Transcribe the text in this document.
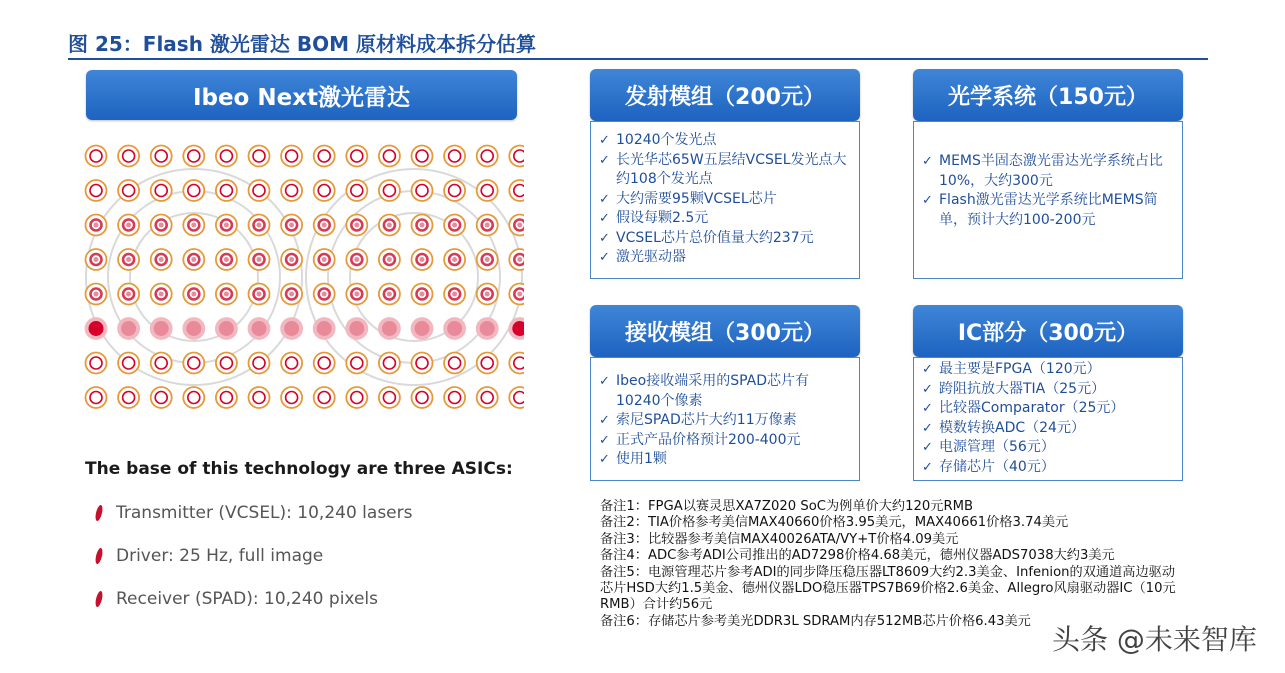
图 25：Flash 激光雷达 BOM 原材料成本拆分估算
Ibeo Next激光雷达
The base of this technology are three ASICs:
Transmitter (VCSEL): 10,240 lasers
Driver: 25 Hz, full image
Receiver (SPAD): 10,240 pixels
发射模组（200元）
✓ 10240个发光点
✓ 长光华芯65W五层结VCSEL发光点大约108个发光点
✓ 大约需要95颗VCSEL芯片
✓ 假设每颗2.5元
✓ VCSEL芯片总价值量大约237元
✓ 激光驱动器
光学系统（150元）
✓ MEMS半固态激光雷达光学系统占比10%，大约300元
✓ Flash激光雷达光学系统比MEMS简单，预计大约100-200元
接收模组（300元）
✓ Ibeo接收端采用的SPAD芯片有10240个像素
✓ 索尼SPAD芯片大约11万像素
✓ 正式产品价格预计200-400元
✓ 使用1颗
IC部分（300元）
✓ 最主要是FPGA（120元）
✓ 跨阻抗放大器TIA（25元）
✓ 比较器Comparator（25元）
✓ 模数转换ADC（24元）
✓ 电源管理（56元）
✓ 存储芯片（40元）
备注1：FPGA以赛灵思XA7Z020 SoC为例单价大约120元RMB
备注2：TIA价格参考美信MAX40660价格3.95美元，MAX40661价格3.74美元
备注3：比较器参考美信MAX40026ATA/VY+T价格4.09美元
备注4：ADC参考ADI公司推出的AD7298价格4.68美元，德州仪器ADS7038大约3美元
备注5：电源管理芯片参考ADI的同步降压稳压器LT8609大约2.3美金、Infenion的双通道高边驱动芯片HSD大约1.5美金、德州仪器LDO稳压器TPS7B69价格2.6美金、Allegro风扇驱动器IC（10元RMB）合计约56元
备注6：存储芯片参考美光DDR3L SDRAM内存512MB芯片价格6.43美元
头条 @未来智库
